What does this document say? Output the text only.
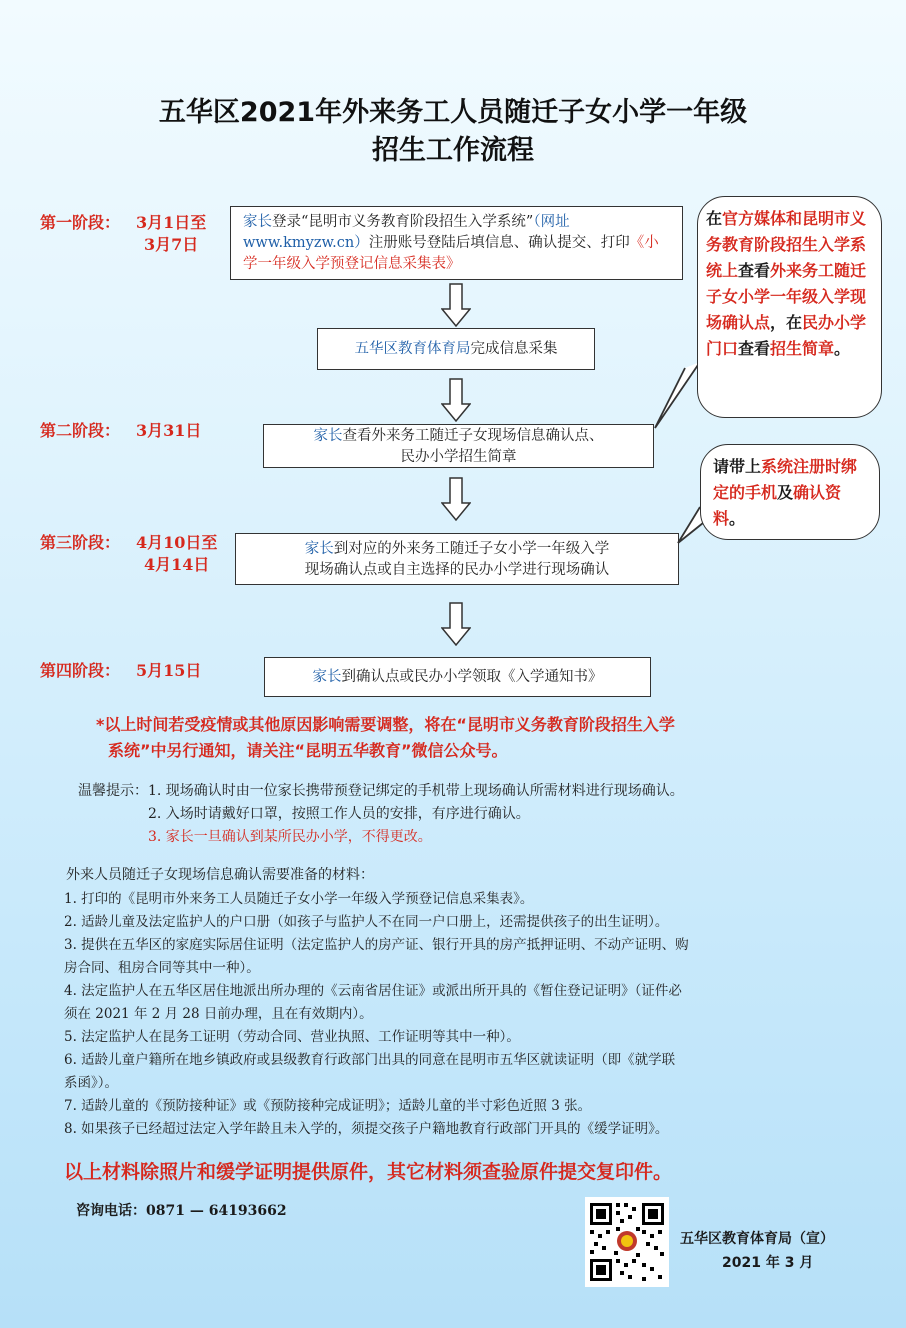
五华区2021年外来务工人员随迁子女小学一年级
招生工作流程
第一阶段： 3月1日至
3月7日
第二阶段： 3月31日
第三阶段： 4月10日至
4月14日
第四阶段： 5月15日
家长登录“昆明市义务教育阶段招生入学系统”（网址www.kmyzw.cn）注册账号登陆后填信息、确认提交、打印《小学一年级入学预登记信息采集表》
五华区教育体育局完成信息采集
家长查看外来务工随迁子女现场信息确认点、
民办小学招生简章
家长到对应的外来务工随迁子女小学一年级入学
现场确认点或自主选择的民办小学进行现场确认
家长到确认点或民办小学领取《入学通知书》
在官方媒体和昆明市义务教育阶段招生入学系统上查看外来务工随迁子女小学一年级入学现场确认点，在民办小学门口查看招生简章。
请带上系统注册时绑定的手机及确认资料。
*以上时间若受疫情或其他原因影响需要调整，将在“昆明市义务教育阶段招生入学
系统”中另行通知，请关注“昆明五华教育”微信公众号。
温馨提示：1. 现场确认时由一位家长携带预登记绑定的手机带上现场确认所需材料进行现场确认。
2. 入场时请戴好口罩，按照工作人员的安排，有序进行确认。
3. 家长一旦确认到某所民办小学，不得更改。
外来人员随迁子女现场信息确认需要准备的材料：
1. 打印的《昆明市外来务工人员随迁子女小学一年级入学预登记信息采集表》。
2. 适龄儿童及法定监护人的户口册（如孩子与监护人不在同一户口册上，还需提供孩子的出生证明）。
3. 提供在五华区的家庭实际居住证明（法定监护人的房产证、银行开具的房产抵押证明、不动产证明、购
房合同、租房合同等其中一种）。
4. 法定监护人在五华区居住地派出所办理的《云南省居住证》或派出所开具的《暂住登记证明》（证件必
须在 2021 年 2 月 28 日前办理，且在有效期内）。
5. 法定监护人在昆务工证明（劳动合同、营业执照、工作证明等其中一种）。
6. 适龄儿童户籍所在地乡镇政府或县级教育行政部门出具的同意在昆明市五华区就读证明（即《就学联
系函》）。
7. 适龄儿童的《预防接种证》或《预防接种完成证明》；适龄儿童的半寸彩色近照 3 张。
8. 如果孩子已经超过法定入学年龄且未入学的，须提交孩子户籍地教育行政部门开具的《缓学证明》。
以上材料除照片和缓学证明提供原件，其它材料须查验原件提交复印件。
咨询电话：0871 — 64193662
五华区教育体育局（宣）
2021 年 3 月
